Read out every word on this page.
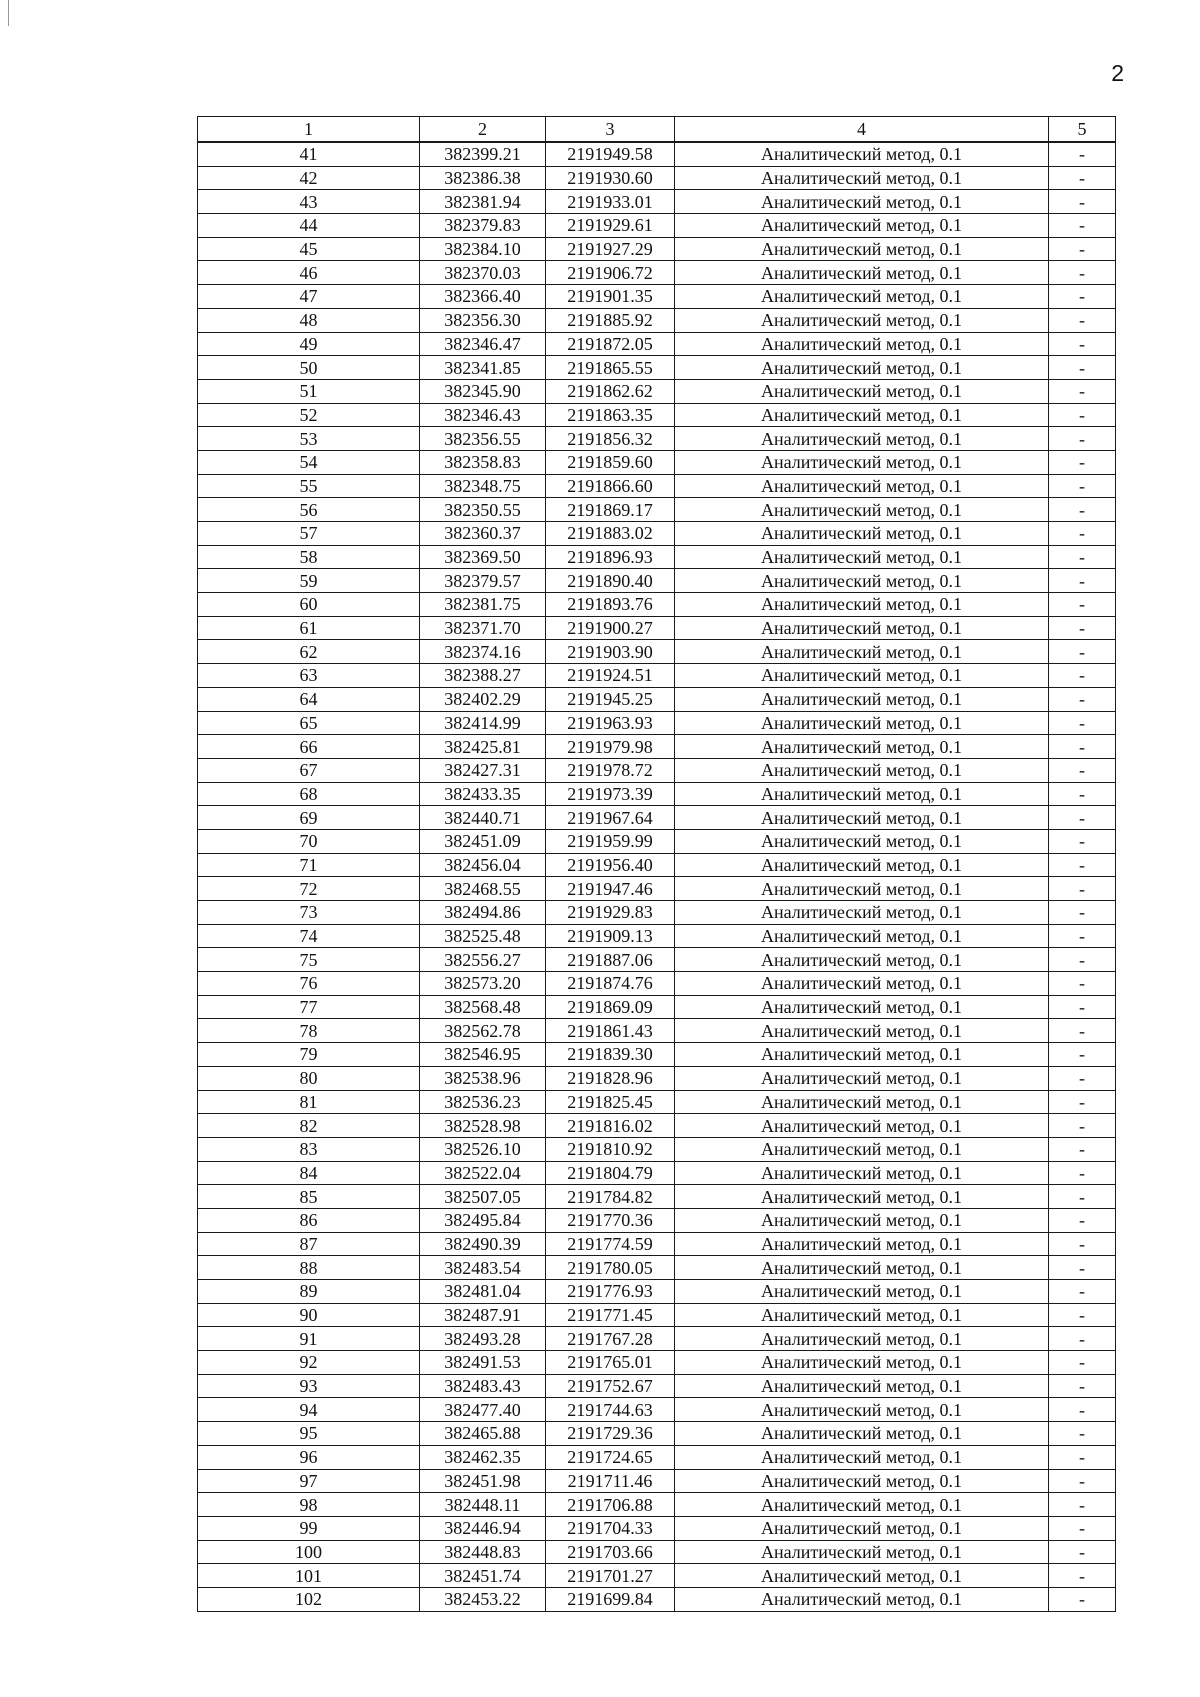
2
1	2	3	4	5
41	382399.21	2191949.58	Аналитический метод, 0.1	-
42	382386.38	2191930.60	Аналитический метод, 0.1	-
43	382381.94	2191933.01	Аналитический метод, 0.1	-
44	382379.83	2191929.61	Аналитический метод, 0.1	-
45	382384.10	2191927.29	Аналитический метод, 0.1	-
46	382370.03	2191906.72	Аналитический метод, 0.1	-
47	382366.40	2191901.35	Аналитический метод, 0.1	-
48	382356.30	2191885.92	Аналитический метод, 0.1	-
49	382346.47	2191872.05	Аналитический метод, 0.1	-
50	382341.85	2191865.55	Аналитический метод, 0.1	-
51	382345.90	2191862.62	Аналитический метод, 0.1	-
52	382346.43	2191863.35	Аналитический метод, 0.1	-
53	382356.55	2191856.32	Аналитический метод, 0.1	-
54	382358.83	2191859.60	Аналитический метод, 0.1	-
55	382348.75	2191866.60	Аналитический метод, 0.1	-
56	382350.55	2191869.17	Аналитический метод, 0.1	-
57	382360.37	2191883.02	Аналитический метод, 0.1	-
58	382369.50	2191896.93	Аналитический метод, 0.1	-
59	382379.57	2191890.40	Аналитический метод, 0.1	-
60	382381.75	2191893.76	Аналитический метод, 0.1	-
61	382371.70	2191900.27	Аналитический метод, 0.1	-
62	382374.16	2191903.90	Аналитический метод, 0.1	-
63	382388.27	2191924.51	Аналитический метод, 0.1	-
64	382402.29	2191945.25	Аналитический метод, 0.1	-
65	382414.99	2191963.93	Аналитический метод, 0.1	-
66	382425.81	2191979.98	Аналитический метод, 0.1	-
67	382427.31	2191978.72	Аналитический метод, 0.1	-
68	382433.35	2191973.39	Аналитический метод, 0.1	-
69	382440.71	2191967.64	Аналитический метод, 0.1	-
70	382451.09	2191959.99	Аналитический метод, 0.1	-
71	382456.04	2191956.40	Аналитический метод, 0.1	-
72	382468.55	2191947.46	Аналитический метод, 0.1	-
73	382494.86	2191929.83	Аналитический метод, 0.1	-
74	382525.48	2191909.13	Аналитический метод, 0.1	-
75	382556.27	2191887.06	Аналитический метод, 0.1	-
76	382573.20	2191874.76	Аналитический метод, 0.1	-
77	382568.48	2191869.09	Аналитический метод, 0.1	-
78	382562.78	2191861.43	Аналитический метод, 0.1	-
79	382546.95	2191839.30	Аналитический метод, 0.1	-
80	382538.96	2191828.96	Аналитический метод, 0.1	-
81	382536.23	2191825.45	Аналитический метод, 0.1	-
82	382528.98	2191816.02	Аналитический метод, 0.1	-
83	382526.10	2191810.92	Аналитический метод, 0.1	-
84	382522.04	2191804.79	Аналитический метод, 0.1	-
85	382507.05	2191784.82	Аналитический метод, 0.1	-
86	382495.84	2191770.36	Аналитический метод, 0.1	-
87	382490.39	2191774.59	Аналитический метод, 0.1	-
88	382483.54	2191780.05	Аналитический метод, 0.1	-
89	382481.04	2191776.93	Аналитический метод, 0.1	-
90	382487.91	2191771.45	Аналитический метод, 0.1	-
91	382493.28	2191767.28	Аналитический метод, 0.1	-
92	382491.53	2191765.01	Аналитический метод, 0.1	-
93	382483.43	2191752.67	Аналитический метод, 0.1	-
94	382477.40	2191744.63	Аналитический метод, 0.1	-
95	382465.88	2191729.36	Аналитический метод, 0.1	-
96	382462.35	2191724.65	Аналитический метод, 0.1	-
97	382451.98	2191711.46	Аналитический метод, 0.1	-
98	382448.11	2191706.88	Аналитический метод, 0.1	-
99	382446.94	2191704.33	Аналитический метод, 0.1	-
100	382448.83	2191703.66	Аналитический метод, 0.1	-
101	382451.74	2191701.27	Аналитический метод, 0.1	-
102	382453.22	2191699.84	Аналитический метод, 0.1	-
